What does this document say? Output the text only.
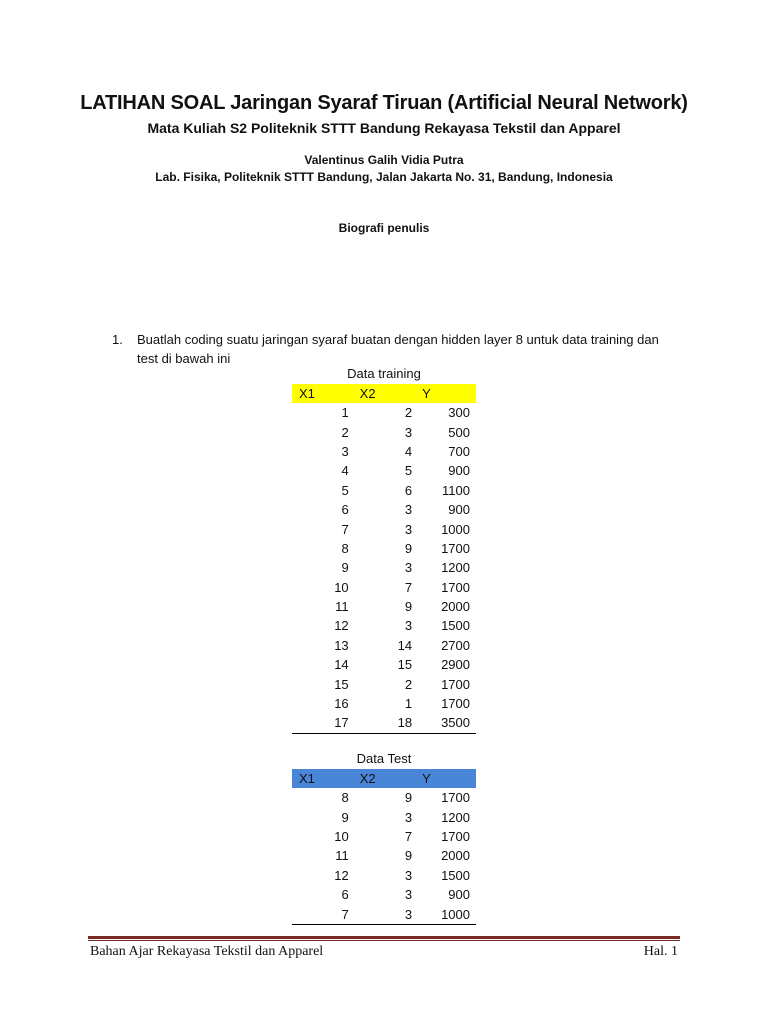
LATIHAN SOAL Jaringan Syaraf Tiruan (Artificial Neural Network)
Mata Kuliah S2 Politeknik STTT Bandung Rekayasa Tekstil dan Apparel
Valentinus Galih Vidia Putra
Lab. Fisika, Politeknik STTT Bandung, Jalan Jakarta No. 31, Bandung, Indonesia
Biografi penulis
1.	Buatlah coding suatu jaringan syaraf buatan dengan hidden layer 8 untuk data training dan test di bawah ini
Data training
X1	X2	Y
1	2	300
2	3	500
3	4	700
4	5	900
5	6	1100
6	3	900
7	3	1000
8	9	1700
9	3	1200
10	7	1700
11	9	2000
12	3	1500
13	14	2700
14	15	2900
15	2	1700
16	1	1700
17	18	3500
Data Test
X1	X2	Y
8	9	1700
9	3	1200
10	7	1700
11	9	2000
12	3	1500
6	3	900
7	3	1000
Bahan Ajar Rekayasa Tekstil dan Apparel	Hal. 1
